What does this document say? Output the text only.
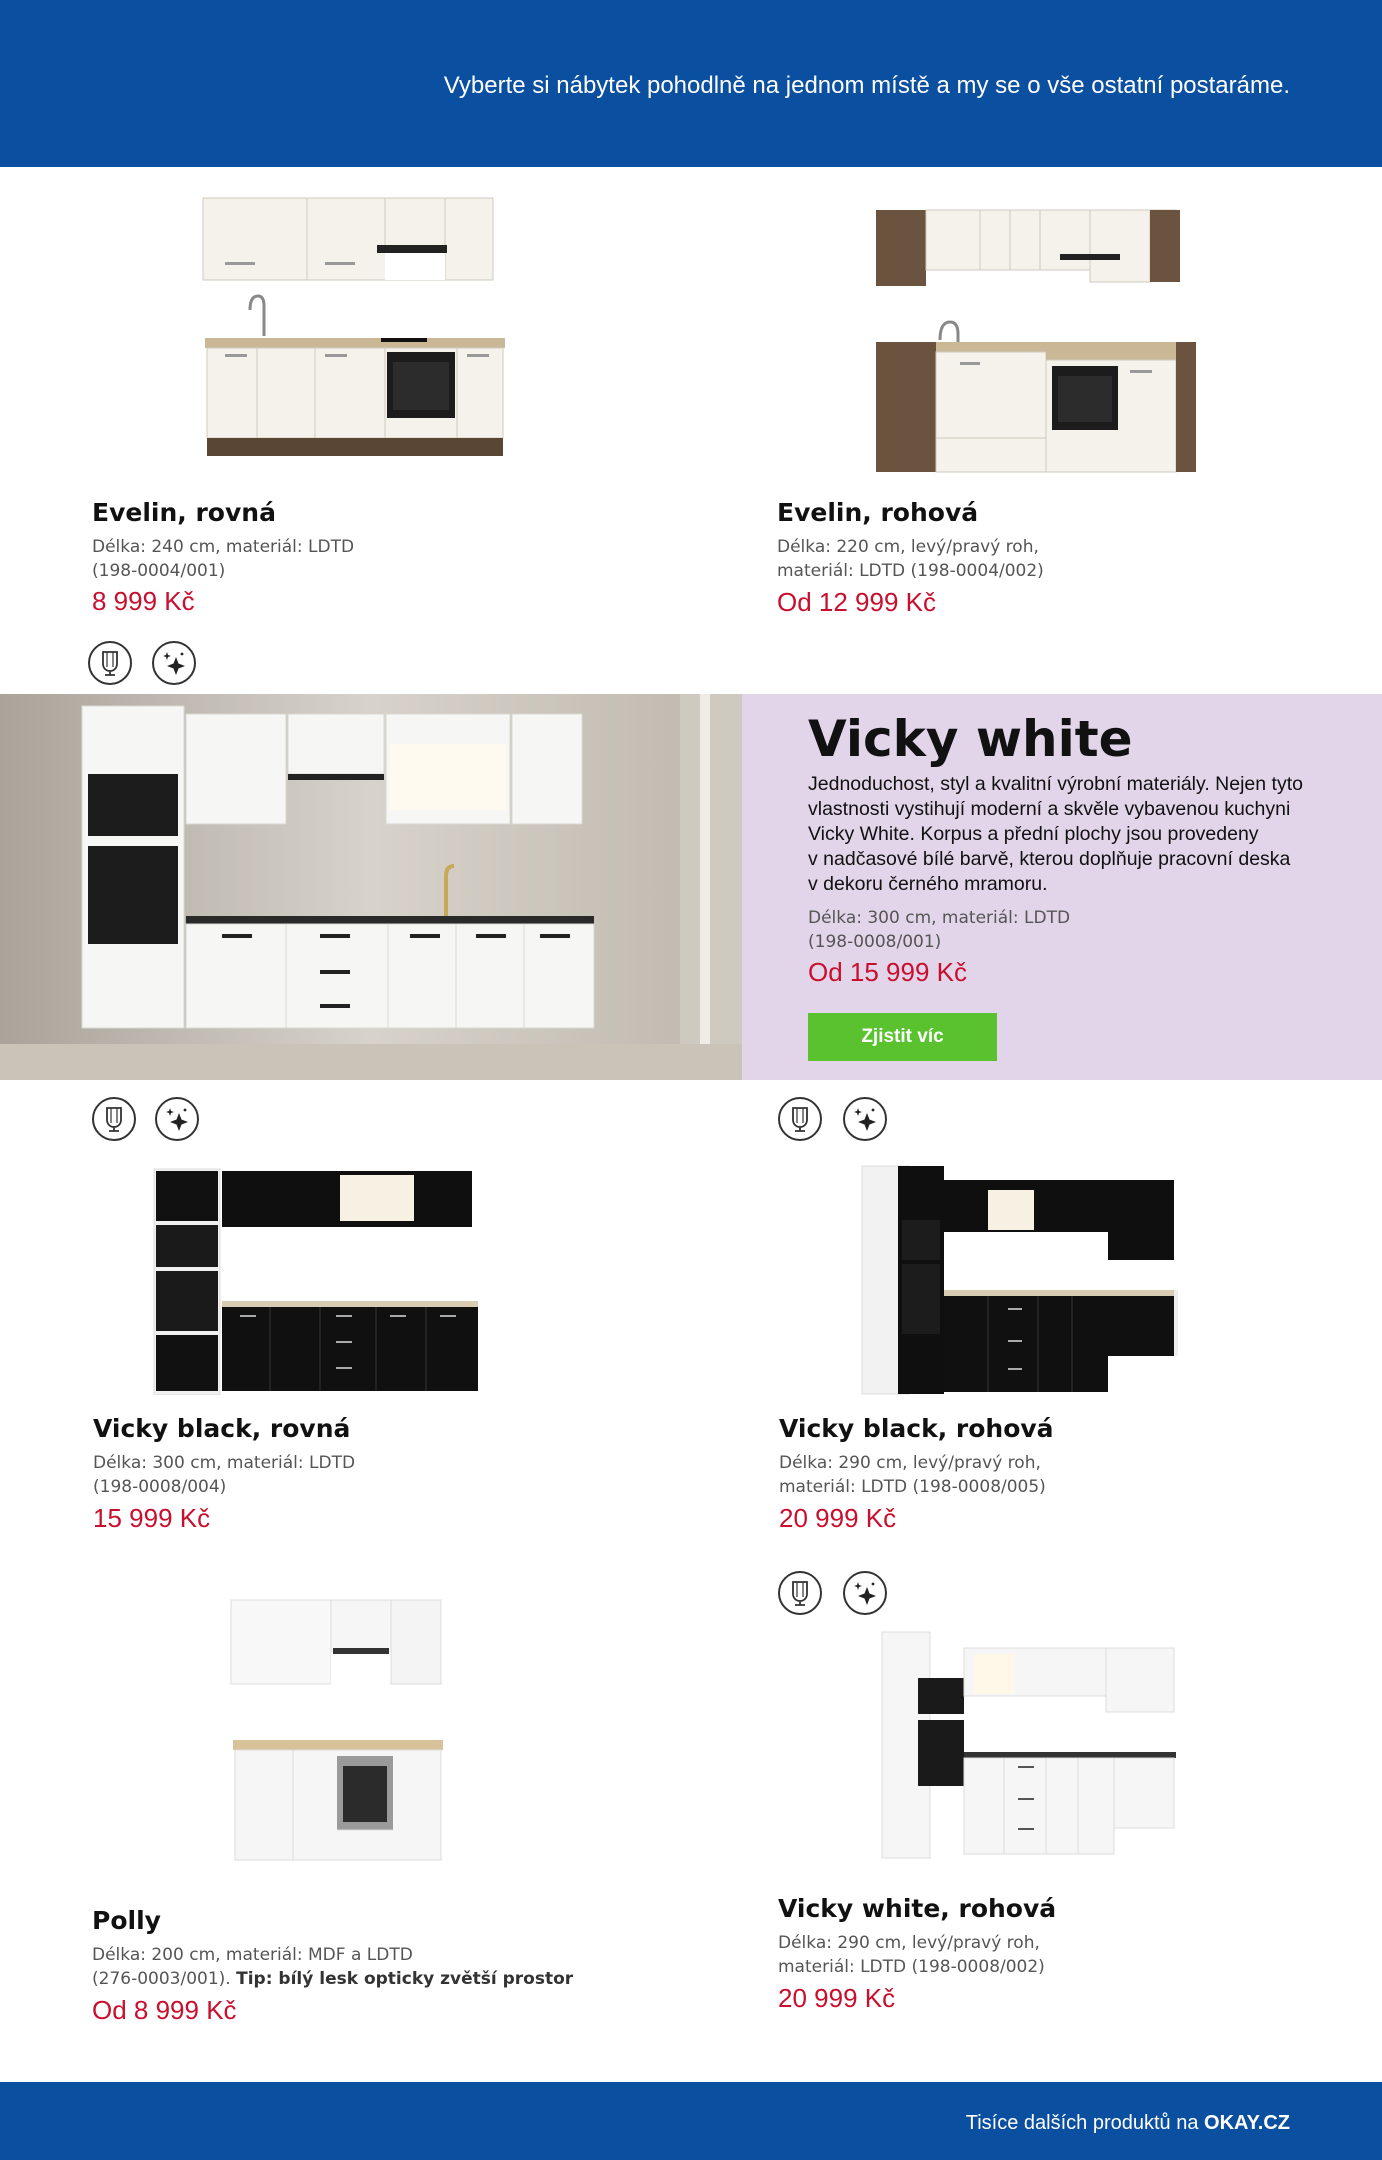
Vyberte si nábytek pohodlně na jednom místě a my se o vše ostatní postaráme.
Evelin, rovná
Délka: 240 cm, materiál: LDTD
(198-0004/001)
8 999 Kč
Evelin, rohová
Délka: 220 cm, levý/pravý roh,
materiál: LDTD (198-0004/002)
Od 12 999 Kč
Vicky white
Jednoduchost, styl a kvalitní výrobní materiály. Nejen tyto
vlastnosti vystihují moderní a skvěle vybavenou kuchyni
Vicky White. Korpus a přední plochy jsou provedeny
v nadčasové bílé barvě, kterou doplňuje pracovní deska
v dekoru černého mramoru.
Délka: 300 cm, materiál: LDTD
(198-0008/001)
Od 15 999 Kč
Zjistit víc
Vicky black, rovná
Délka: 300 cm, materiál: LDTD
(198-0008/004)
15 999 Kč
Vicky black, rohová
Délka: 290 cm, levý/pravý roh,
materiál: LDTD (198-0008/005)
20 999 Kč
Polly
Délka: 200 cm, materiál: MDF a LDTD
(276-0003/001). Tip: bílý lesk opticky zvětší prostor
Od 8 999 Kč
Vicky white, rohová
Délka: 290 cm, levý/pravý roh,
materiál: LDTD (198-0008/002)
20 999 Kč
Tisíce dalších produktů na OKAY.CZ
